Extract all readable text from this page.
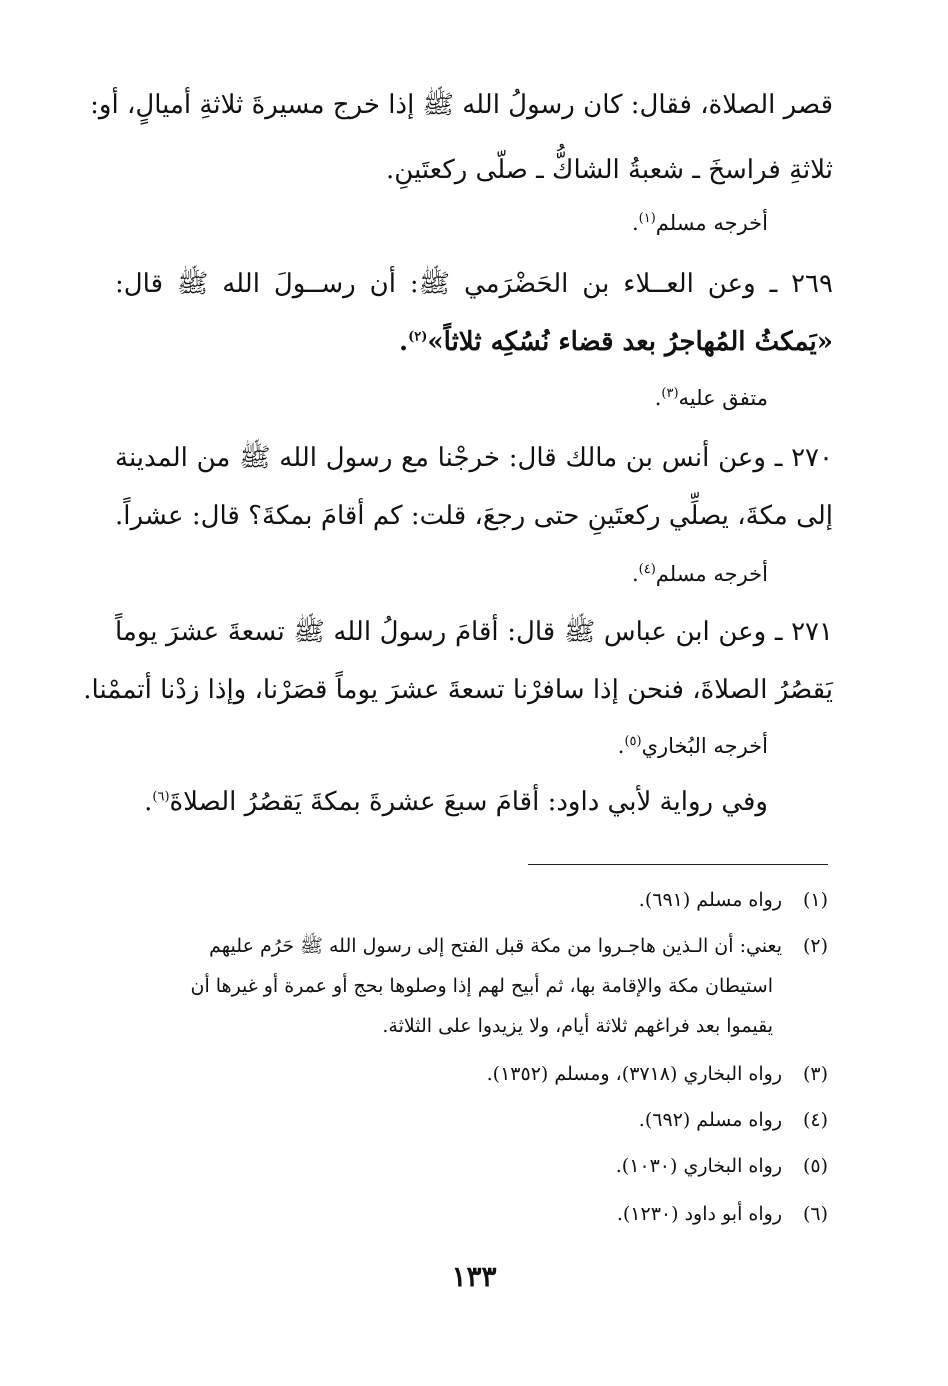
قصر الصلاة، فقال: كان رسولُ الله ﷺ إذا خرج مسيرةَ ثلاثةِ أميالٍ، أو:
ثلاثةِ فراسخَ ـ شعبةُ الشاكُّ ـ صلّى ركعتَينِ.
أخرجه مسلم$^{(١)}$.
٢٦٩ ـ وعن العــلاء بن الحَضْرَمي ﷺ: أن رســولَ الله ﷺ قال:
«يَمكثُ المُهاجرُ بعد قضاء نُسُكِه ثلاثاً»$^{(٢)}$.
متفق عليه$^{(٣)}$.
٢٧٠ ـ وعن أنس بن مالك قال: خرجْنا مع رسول الله ﷺ من المدينة
إلى مكةَ، يصلِّي ركعتَينِ حتى رجعَ، قلت: كم أقامَ بمكةَ؟ قال: عشراً.
أخرجه مسلم$^{(٤)}$.
٢٧١ ـ وعن ابن عباس ﷺ قال: أقامَ رسولُ الله ﷺ تسعةَ عشرَ يوماً
يَقصُرُ الصلاةَ، فنحن إذا سافرْنا تسعةَ عشرَ يوماً قصَرْنا، وإذا زدْنا أتممْنا.
أخرجه البُخاري$^{(٥)}$.
وفي رواية لأبي داود: أقامَ سبعَ عشرةَ بمكةَ يَقصُرُ الصلاةَ$^{(٦)}$.
(١)رواه مسلم (٦٩١).
(٢)يعني: أن الـذين هاجـروا من مكة قبل الفتح إلى رسول الله ﷺ حَرُم عليهم
استيطان مكة والإقامة بها، ثم أبيح لهم إذا وصلوها بحج أو عمرة أو غيرها أن
يقيموا بعد فراغهم ثلاثة أيام، ولا يزيدوا على الثلاثة.
(٣)رواه البخاري (٣٧١٨)، ومسلم (١٣٥٢).
(٤)رواه مسلم (٦٩٢).
(٥)رواه البخاري (١٠٣٠).
(٦)رواه أبو داود (١٢٣٠).
١٣٣
